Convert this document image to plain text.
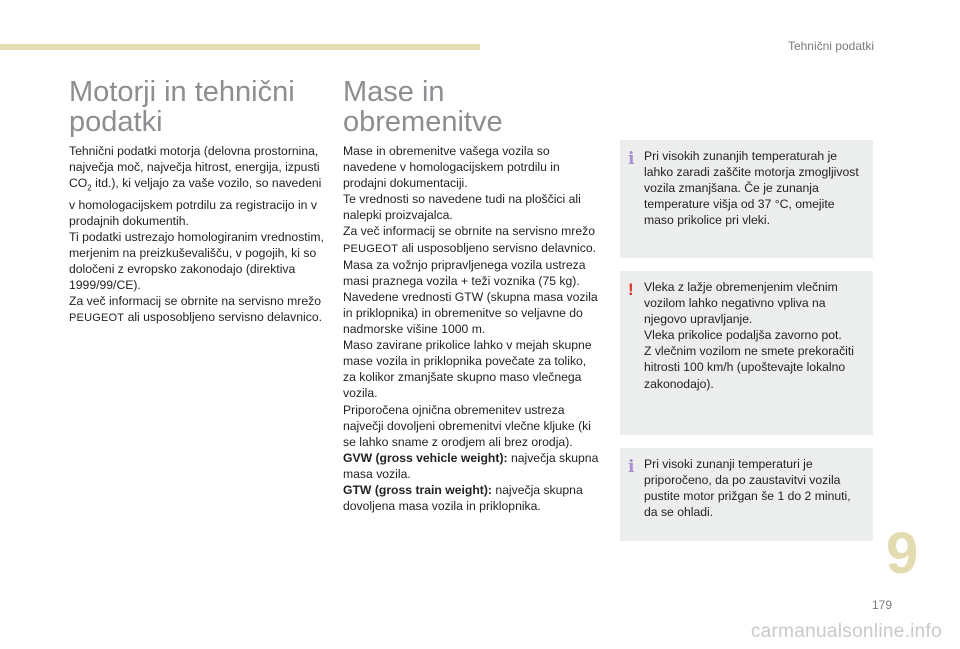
Tehnični podatki
Motorji in tehnični
podatki

Tehnični podatki motorja (delovna prostornina, največja moč, največja hitrost, energija, izpusti $CO_2$ itd.), ki veljajo za vaše vozilo, so navedeni v homologacijskem potrdilu za registracijo in v prodajnih dokumentih.

Ti podatki ustrezajo homologiranim vrednostim, merjenim na preizkuševališču, v pogojih, ki so določeni z evropsko zakonodajo (direktiva 1999/99/CE).

Za več informacij se obrnite na servisno mrežo PEUGEOT ali usposobljeno servisno delavnico.

Mase in
obremenitve

Mase in obremenitve vašega vozila so navedene v homologacijskem potrdilu in prodajni dokumentaciji.

Te vrednosti so navedene tudi na ploščici ali nalepki proizvajalca.

Za več informacij se obrnite na servisno mrežo PEUGEOT ali usposobljeno servisno delavnico.

Masa za vožnjo pripravljenega vozila ustreza masi praznega vozila + teži voznika (75 kg).

Navedene vrednosti GTW (skupna masa vozila in priklopnika) in obremenitve so veljavne do nadmorske višine 1000 m.

Maso zavirane prikolice lahko v mejah skupne mase vozila in priklopnika povečate za toliko, za kolikor zmanjšate skupno maso vlečnega vozila.

Priporočena ojnična obremenitev ustreza največji dovoljeni obremenitvi vlečne kljuke (ki se lahko sname z orodjem ali brez orodja).

GVW (gross vehicle weight): največja skupna masa vozila.

GTW (gross train weight): največja skupna dovoljena masa vozila in priklopnika.

i Pri visokih zunanjih temperaturah je lahko zaradi zaščite motorja zmogljivost vozila zmanjšana. Če je zunanja temperature višja od 37 °C, omejite maso prikolice pri vleki.

! Vleka z lažje obremenjenim vlečnim vozilom lahko negativno vpliva na njegovo upravljanje.

Vleka prikolice podaljša zavorno pot.

Z vlečnim vozilom ne smete prekoračiti hitrosti 100 km/h (upoštevajte lokalno zakonodajo).

i Pri visoki zunanji temperaturi je priporočeno, da po zaustavitvi vozila pustite motor prižgan še 1 do 2 minuti, da se ohladi.

9
179
carmanualsonline.info
